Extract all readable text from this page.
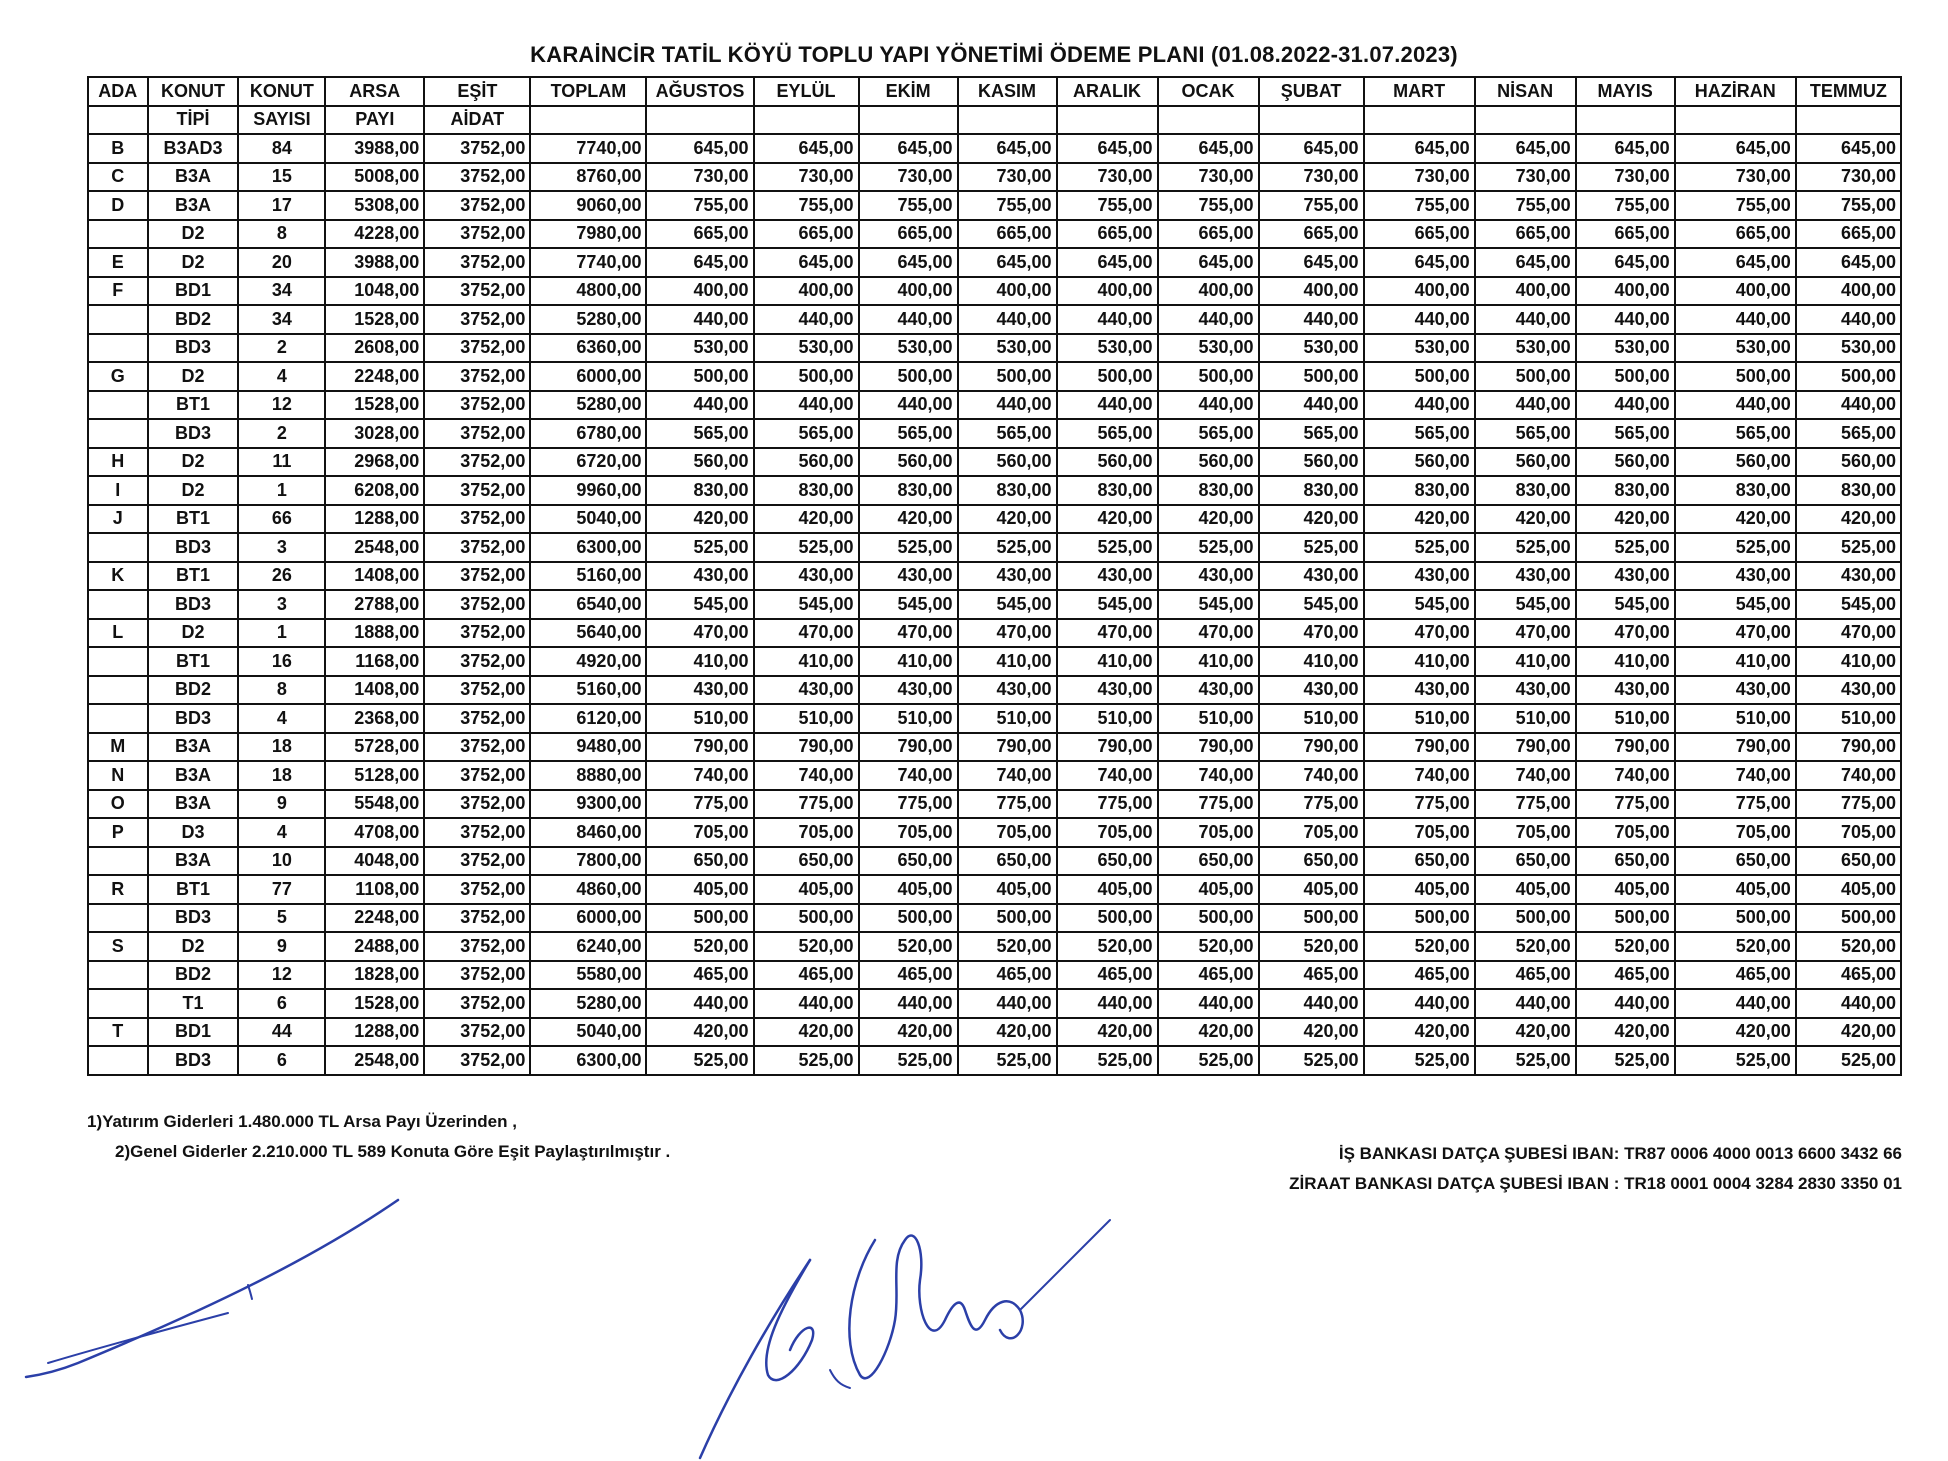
KARAİNCİR TATİL KÖYÜ TOPLU YAPI YÖNETİMİ ÖDEME PLANI (01.08.2022-31.07.2023)
ADA	KONUT	KONUT	ARSA	EŞİT	TOPLAM	AĞUSTOS	EYLÜL	EKİM	KASIM	ARALIK	OCAK	ŞUBAT	MART	NİSAN	MAYIS	HAZİRAN	TEMMUZ
	TİPİ	SAYISI	PAYI	AİDAT													
B	B3AD3	84	3988,00	3752,00	7740,00	645,00	645,00	645,00	645,00	645,00	645,00	645,00	645,00	645,00	645,00	645,00	645,00
C	B3A	15	5008,00	3752,00	8760,00	730,00	730,00	730,00	730,00	730,00	730,00	730,00	730,00	730,00	730,00	730,00	730,00
D	B3A	17	5308,00	3752,00	9060,00	755,00	755,00	755,00	755,00	755,00	755,00	755,00	755,00	755,00	755,00	755,00	755,00
	D2	8	4228,00	3752,00	7980,00	665,00	665,00	665,00	665,00	665,00	665,00	665,00	665,00	665,00	665,00	665,00	665,00
E	D2	20	3988,00	3752,00	7740,00	645,00	645,00	645,00	645,00	645,00	645,00	645,00	645,00	645,00	645,00	645,00	645,00
F	BD1	34	1048,00	3752,00	4800,00	400,00	400,00	400,00	400,00	400,00	400,00	400,00	400,00	400,00	400,00	400,00	400,00
	BD2	34	1528,00	3752,00	5280,00	440,00	440,00	440,00	440,00	440,00	440,00	440,00	440,00	440,00	440,00	440,00	440,00
	BD3	2	2608,00	3752,00	6360,00	530,00	530,00	530,00	530,00	530,00	530,00	530,00	530,00	530,00	530,00	530,00	530,00
G	D2	4	2248,00	3752,00	6000,00	500,00	500,00	500,00	500,00	500,00	500,00	500,00	500,00	500,00	500,00	500,00	500,00
	BT1	12	1528,00	3752,00	5280,00	440,00	440,00	440,00	440,00	440,00	440,00	440,00	440,00	440,00	440,00	440,00	440,00
	BD3	2	3028,00	3752,00	6780,00	565,00	565,00	565,00	565,00	565,00	565,00	565,00	565,00	565,00	565,00	565,00	565,00
H	D2	11	2968,00	3752,00	6720,00	560,00	560,00	560,00	560,00	560,00	560,00	560,00	560,00	560,00	560,00	560,00	560,00
I	D2	1	6208,00	3752,00	9960,00	830,00	830,00	830,00	830,00	830,00	830,00	830,00	830,00	830,00	830,00	830,00	830,00
J	BT1	66	1288,00	3752,00	5040,00	420,00	420,00	420,00	420,00	420,00	420,00	420,00	420,00	420,00	420,00	420,00	420,00
	BD3	3	2548,00	3752,00	6300,00	525,00	525,00	525,00	525,00	525,00	525,00	525,00	525,00	525,00	525,00	525,00	525,00
K	BT1	26	1408,00	3752,00	5160,00	430,00	430,00	430,00	430,00	430,00	430,00	430,00	430,00	430,00	430,00	430,00	430,00
	BD3	3	2788,00	3752,00	6540,00	545,00	545,00	545,00	545,00	545,00	545,00	545,00	545,00	545,00	545,00	545,00	545,00
L	D2	1	1888,00	3752,00	5640,00	470,00	470,00	470,00	470,00	470,00	470,00	470,00	470,00	470,00	470,00	470,00	470,00
	BT1	16	1168,00	3752,00	4920,00	410,00	410,00	410,00	410,00	410,00	410,00	410,00	410,00	410,00	410,00	410,00	410,00
	BD2	8	1408,00	3752,00	5160,00	430,00	430,00	430,00	430,00	430,00	430,00	430,00	430,00	430,00	430,00	430,00	430,00
	BD3	4	2368,00	3752,00	6120,00	510,00	510,00	510,00	510,00	510,00	510,00	510,00	510,00	510,00	510,00	510,00	510,00
M	B3A	18	5728,00	3752,00	9480,00	790,00	790,00	790,00	790,00	790,00	790,00	790,00	790,00	790,00	790,00	790,00	790,00
N	B3A	18	5128,00	3752,00	8880,00	740,00	740,00	740,00	740,00	740,00	740,00	740,00	740,00	740,00	740,00	740,00	740,00
O	B3A	9	5548,00	3752,00	9300,00	775,00	775,00	775,00	775,00	775,00	775,00	775,00	775,00	775,00	775,00	775,00	775,00
P	D3	4	4708,00	3752,00	8460,00	705,00	705,00	705,00	705,00	705,00	705,00	705,00	705,00	705,00	705,00	705,00	705,00
	B3A	10	4048,00	3752,00	7800,00	650,00	650,00	650,00	650,00	650,00	650,00	650,00	650,00	650,00	650,00	650,00	650,00
R	BT1	77	1108,00	3752,00	4860,00	405,00	405,00	405,00	405,00	405,00	405,00	405,00	405,00	405,00	405,00	405,00	405,00
	BD3	5	2248,00	3752,00	6000,00	500,00	500,00	500,00	500,00	500,00	500,00	500,00	500,00	500,00	500,00	500,00	500,00
S	D2	9	2488,00	3752,00	6240,00	520,00	520,00	520,00	520,00	520,00	520,00	520,00	520,00	520,00	520,00	520,00	520,00
	BD2	12	1828,00	3752,00	5580,00	465,00	465,00	465,00	465,00	465,00	465,00	465,00	465,00	465,00	465,00	465,00	465,00
	T1	6	1528,00	3752,00	5280,00	440,00	440,00	440,00	440,00	440,00	440,00	440,00	440,00	440,00	440,00	440,00	440,00
T	BD1	44	1288,00	3752,00	5040,00	420,00	420,00	420,00	420,00	420,00	420,00	420,00	420,00	420,00	420,00	420,00	420,00
	BD3	6	2548,00	3752,00	6300,00	525,00	525,00	525,00	525,00	525,00	525,00	525,00	525,00	525,00	525,00	525,00	525,00
1)Yatırım Giderleri 1.480.000 TL Arsa Payı Üzerinden ,
2)Genel Giderler 2.210.000 TL 589 Konuta Göre Eşit Paylaştırılmıştır .	İŞ BANKASI DATÇA ŞUBESİ IBAN: TR87 0006 4000 0013 6600 3432 66
ZİRAAT BANKASI DATÇA ŞUBESİ IBAN : TR18 0001 0004 3284 2830 3350 01
